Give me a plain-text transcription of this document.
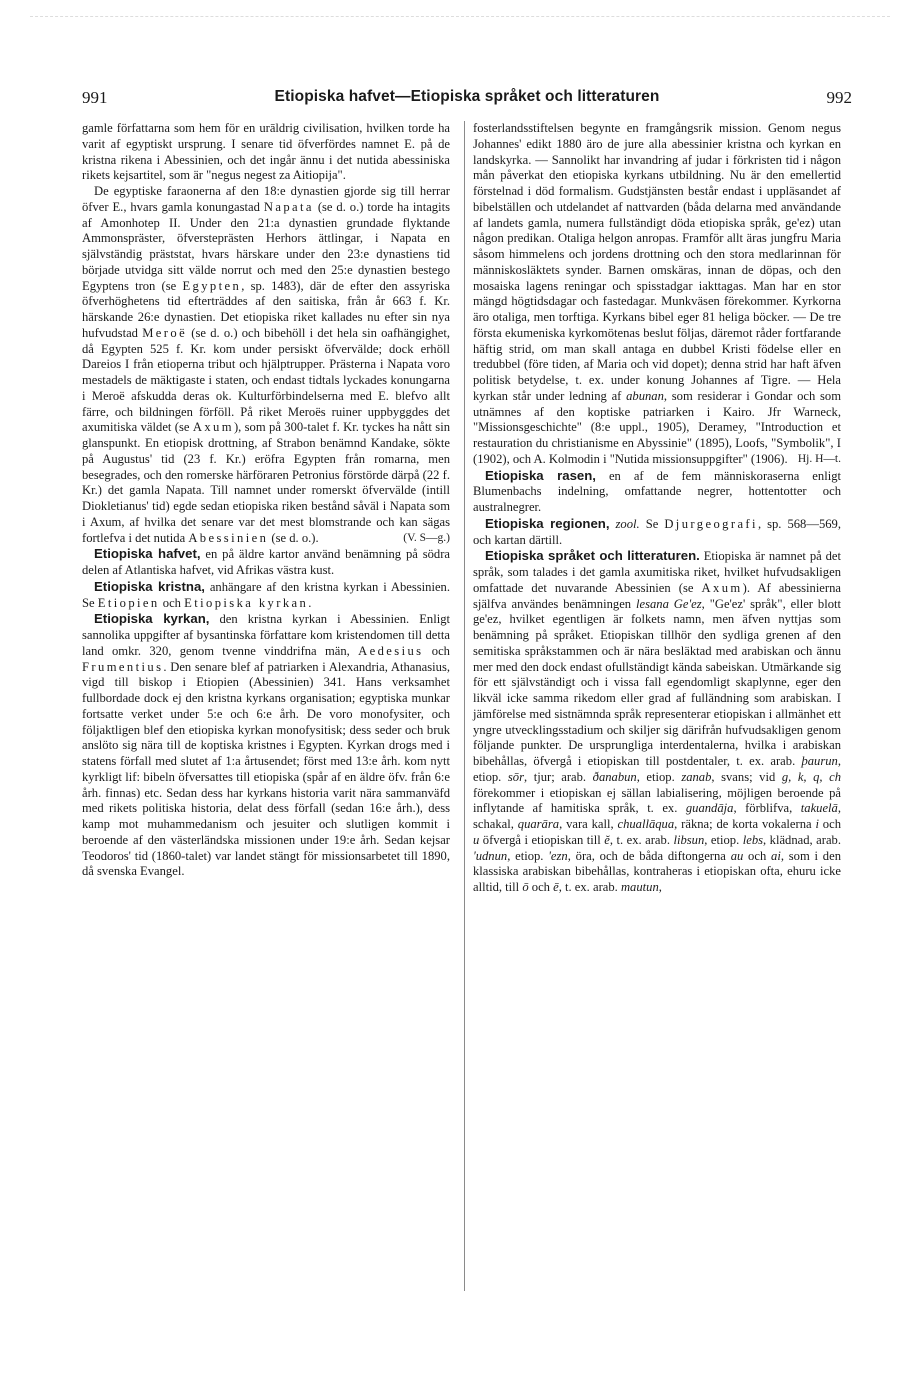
991	Etiopiska hafvet—Etiopiska språket och litteraturen	992

gamle författarna som hem för en urāldrig civilisation, hvilken torde ha varit af egyptiskt ursprung. I senare tid öfverfördes namnet E. på de kristna rikena i Abessinien, och det ingår ännu i det nutida abessiniska rikets kejsartitel, som är "negus negest za Aitiopija".

De egyptiske faraonerna af den 18:e dynastien gjorde sig till herrar öfver E., hvars gamla konungastad Napata (se d. o.) torde ha intagits af Amonhotep II. Under den 21:a dynastien grundade flyktande Ammonspräster, öfversteprästen Herhors ättlingar, i Napata en självständig präststat, hvars härskare under den 23:e dynastiens tid började utvidga sitt välde norrut och med den 25:e dynastien bestego Egyptens tron (se Egypten, sp. 1483), där de efter den assyriska öfverhöghetens tid efterträddes af den saitiska, från år 663 f. Kr. härskande 26:e dynastien. Det etiopiska riket kallades nu efter sin nya hufvudstad Meroë (se d. o.) och bibehöll i det hela sin oafhängighet, då Egypten 525 f. Kr. kom under persiskt öfvervälde; dock erhöll Dareios I från etioperna tribut och hjälptrupper. Prästerna i Napata voro mestadels de mäktigaste i staten, och endast tidtals lyckades konungarna i Meroë afskudda deras ok. Kulturförbindelserna med E. blefvo allt färre, och bildningen förföll. På riket Meroës ruiner uppbyggdes det axumitiska väldet (se Axum), som på 300-talet f. Kr. tyckes ha nått sin glanspunkt. En etiopisk drottning, af Strabon benämnd Kandake, sökte på Augustus' tid (23 f. Kr.) eröfra Egypten från romarna, men besegrades, och den romerske härföraren Petronius förstörde därpå (22 f. Kr.) det gamla Napata. Till namnet under romerskt öfvervälde (intill Diokletianus' tid) egde sedan etiopiska riken bestånd såväl i Napata som i Axum, af hvilka det senare var det mest blomstrande och kan sägas fortlefva i det nutida Abessinien (se d. o.).	(V. S—g.)

Etiopiska hafvet, en på äldre kartor använd benämning på södra delen af Atlantiska hafvet, vid Afrikas västra kust.

Etiopiska kristna, anhängare af den kristna kyrkan i Abessinien. Se Etiopien och Etiopiska kyrkan.

Etiopiska kyrkan, den kristna kyrkan i Abessinien. Enligt sannolika uppgifter af bysantinska författare kom kristendomen till detta land omkr. 320, genom tvenne vinddrifna män, Aedesius och Frumentius. Den senare blef af patriarken i Alexandria, Athanasius, vigd till biskop i Etiopien (Abessinien) 341. Hans verksamhet fullbordade dock ej den kristna kyrkans organisation; egyptiska munkar fortsatte verket under 5:e och 6:e årh. De voro monofysiter, och följaktligen blef den etiopiska kyrkan monofysitisk; dess seder och bruk anslöto sig nära till de koptiska kristnes i Egypten. Kyrkan drogs med i statens förfall med slutet af 1:a årtusendet; först med 13:e årh. kom nytt kyrkligt lif: bibeln öfversattes till etiopiska (spår af en äldre öfv. från 6:e årh. finnas) etc. Sedan dess har kyrkans historia varit nära sammanväfd med rikets politiska historia, delat dess förfall (sedan 16:e årh.), dess kamp mot muhammedanism och jesuiter och slutligen kommit i beroende af den västerländska missionen under 19:e årh. Sedan kejsar Teodoros' tid (1860-talet) var landet stängt för missionsarbetet till 1890, då svenska Evangel.

fosterlandsstiftelsen begynte en framgångsrik mission. Genom negus Johannes' edikt 1880 äro de jure alla abessinier kristna och kyrkan en landskyrka. — Sannolikt har invandring af judar i förkristen tid i någon mån påverkat den etiopiska kyrkans utbildning. Nu är den emellertid förstelnad i död formalism. Gudstjänsten består endast i uppläsandet af bibelställen och utdelandet af nattvarden (båda delarna med användande af landets gamla, numera fullständigt döda etiopiska språk, ge'ez) utan någon predikan. Otaliga helgon anropas. Framför allt äras jungfru Maria såsom himmelens och jordens drottning och den stora medlarinnan för människosläktets synder. Barnen omskäras, innan de döpas, och den mosaiska lagens reningar och spisstadgar iakttagas. Man har en stor mängd högtidsdagar och fastedagar. Munkväsen förekommer. Kyrkorna äro otaliga, men torftiga. Kyrkans bibel eger 81 heliga böcker. — De tre första ekumeniska kyrkomötenas beslut följas, däremot råder fortfarande häftig strid, om man skall antaga en dubbel Kristi födelse eller en tredubbel (före tiden, af Maria och vid dopet); denna strid har haft äfven politisk betydelse, t. ex. under konung Johannes af Tigre. — Hela kyrkan står under ledning af abunan, som residerar i Gondar och som utnämnes af den koptiske patriarken i Kairo. Jfr Warneck, "Missionsgeschichte" (8:e uppl., 1905), Deramey, "Introduction et restauration du christianisme en Abyssinie" (1895), Loofs, "Symbolik", I (1902), och A. Kolmodin i "Nutida missionsuppgifter" (1906). Hj. H—t.

Etiopiska rasen, en af de fem människoraserna enligt Blumenbachs indelning, omfattande negrer, hottentotter och australnegrer.

Etiopiska regionen, zool. Se Djurgeografi, sp. 568—569, och kartan därtill.

Etiopiska språket och litteraturen. Etiopiska är namnet på det språk, som talades i det gamla axumitiska riket, hvilket hufvudsakligen omfattade det nuvarande Abessinien (se Axum). Af abessinierna själfva användes benämningen lesana Ge'ez, "Ge'ez' språk", eller blott ge'ez, hvilket egentligen är folkets namn, men äfven nyttjas som benämning på språket. Etiopiskan tillhör den sydliga grenen af den semitiska språkstammen och är nära besläktad med arabiskan och ännu mer med den dock endast ofullständigt kända sabeiskan. Utmärkande sig för ett självständigt och i vissa fall egendomligt skaplynne, eger den likväl icke samma rikedom eller grad af fulländning som arabiskan. I jämförelse med sistnämnda språk representerar etiopiskan i allmänhet ett yngre utvecklingsstadium och skiljer sig därifrån hufvudsakligen genom följande punkter. De ursprungliga interdentalerna, hvilka i arabiskan bibehållas, öfvergå i etiopiskan till postdentaler, t. ex. arab. þaurun, etiop. sōr, tjur; arab. ðanabun, etiop. zanab, svans; vid g, k, q, ch förekommer i etiopiskan ej sällan labialisering, möjligen beroende på inflytande af hamitiska språk, t. ex. guandāja, förblifva, takuelā, schakal, quarāra, vara kall, chuallāqua, räkna; de korta vokalerna i och u öfvergå i etiopiskan till ĕ, t. ex. arab. libsun, etiop. lebs, klädnad, arab. 'udnun, etiop. 'ezn, öra, och de båda diftongerna au och ai, som i den klassiska arabiskan bibehållas, kontraheras i etiopiskan ofta, ehuru icke alltid, till ō och ē, t. ex. arab. mautun,
